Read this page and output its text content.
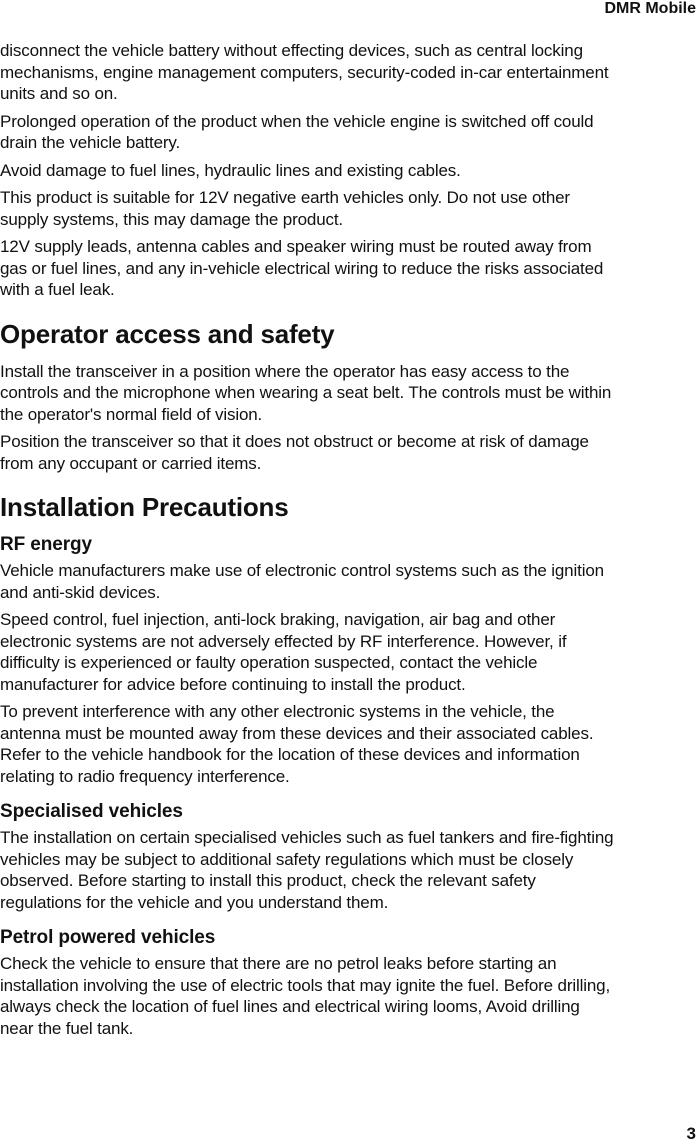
DMR Mobile

disconnect the vehicle battery without effecting devices, such as central locking
mechanisms, engine management computers, security-coded in-car entertainment
units and so on.

Prolonged operation of the product when the vehicle engine is switched off could
drain the vehicle battery.

Avoid damage to fuel lines, hydraulic lines and existing cables.

This product is suitable for 12V negative earth vehicles only. Do not use other
supply systems, this may damage the product.

12V supply leads, antenna cables and speaker wiring must be routed away from
gas or fuel lines, and any in-vehicle electrical wiring to reduce the risks associated
with a fuel leak.

Operator access and safety

Install the transceiver in a position where the operator has easy access to the
controls and the microphone when wearing a seat belt. The controls must be within
the operator's normal field of vision.

Position the transceiver so that it does not obstruct or become at risk of damage
from any occupant or carried items.

Installation Precautions
RF energy

Vehicle manufacturers make use of electronic control systems such as the ignition
and anti-skid devices.

Speed control, fuel injection, anti-lock braking, navigation, air bag and other
electronic systems are not adversely effected by RF interference. However, if
difficulty is experienced or faulty operation suspected, contact the vehicle
manufacturer for advice before continuing to install the product.

To prevent interference with any other electronic systems in the vehicle, the
antenna must be mounted away from these devices and their associated cables.
Refer to the vehicle handbook for the location of these devices and information
relating to radio frequency interference.

Specialised vehicles

The installation on certain specialised vehicles such as fuel tankers and fire-fighting
vehicles may be subject to additional safety regulations which must be closely
observed. Before starting to install this product, check the relevant safety
regulations for the vehicle and you understand them.

Petrol powered vehicles

Check the vehicle to ensure that there are no petrol leaks before starting an
installation involving the use of electric tools that may ignite the fuel. Before drilling,
always check the location of fuel lines and electrical wiring looms, Avoid drilling
near the fuel tank.

3
